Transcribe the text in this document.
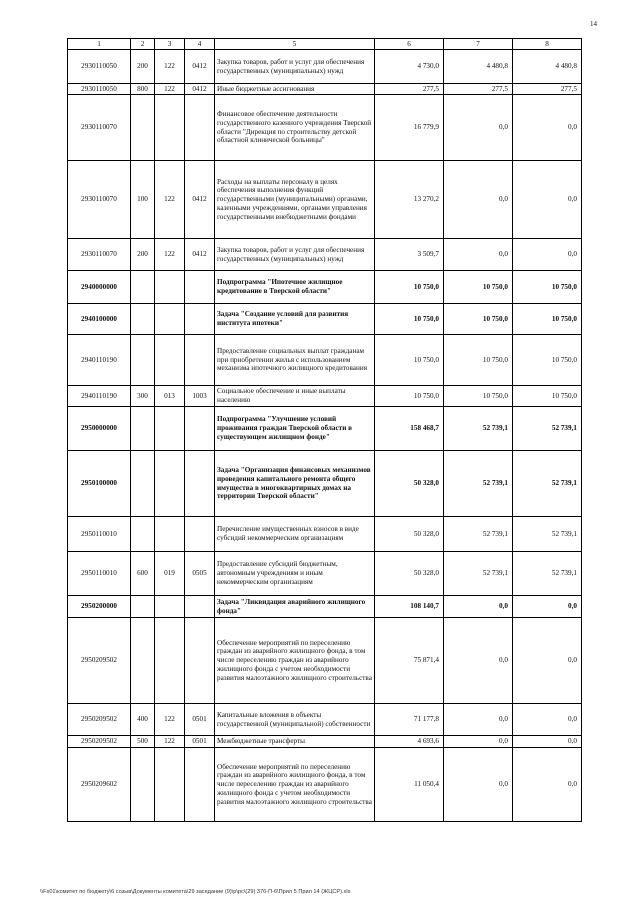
14
1	2	3	4	5	6	7	8
2930110050	200	122	0412	Закупка товаров, работ и услуг для обеспечения государственных (муниципальных) нужд	4 730,0	4 480,8	4 480,8
2930110050	800	122	0412	Иные бюджетные ассигнования	277,5	277,5	277,5
2930110070				Финансовое обеспечение деятельности государственного казенного учреждения Тверской области "Дирекция по строительству детской областной клинической больницы"	16 779,9	0,0	0,0
2930110070	100	122	0412	Расходы на выплаты персоналу в целях обеспечения выполнения функций государственными (муниципальными) органами, казенными учреждениями, органами управления государственными внебюджетными фондами	13 270,2	0,0	0,0
2930110070	200	122	0412	Закупка товаров, работ и услуг для обеспечения государственных (муниципальных) нужд	3 509,7	0,0	0,0
2940000000				Подпрограмма "Ипотечное жилищное кредитование в Тверской области"	10 750,0	10 750,0	10 750,0
2940100000				Задача "Создание условий для развития института ипотеки"	10 750,0	10 750,0	10 750,0
2940110190				Предоставление социальных выплат гражданам при приобретении жилья с использованием механизма ипотечного жилищного кредитования	10 750,0	10 750,0	10 750,0
2940110190	300	013	1003	Социальное обеспечение и иные выплаты населению	10 750,0	10 750,0	10 750,0
2950000000				Подпрограмма "Улучшение условий проживания граждан Тверской области в существующем жилищном фонде"	158 468,7	52 739,1	52 739,1
2950100000				Задача "Организация финансовых механизмов проведения капитального ремонта общего имущества в многоквартирных домах на территории Тверской области"	50 328,0	52 739,1	52 739,1
2950110010				Перечисление имущественных взносов в виде субсидий некоммерческим организациям	50 328,0	52 739,1	52 739,1
2950110010	600	019	0505	Предоставление субсидий бюджетным, автономным учреждениям и иным некоммерческим организациям	50 328,0	52 739,1	52 739,1
2950200000				Задача "Ликвидация аварийного жилищного фонда"	108 140,7	0,0	0,0
2950209502				Обеспечение мероприятий по переселению граждан из аварийного жилищного фонда, в том числе переселению граждан из аварийного жилищного фонда с учетом необходимости развития малоэтажного жилищного строительства	75 871,4	0,0	0,0
2950209502	400	122	0501	Капитальные вложения в объекты государственной (муниципальной) собственности	71 177,8	0,0	0,0
2950209502	500	122	0501	Межбюджетные трансферты	4 693,6	0,0	0,0
2950209602				Обеспечение мероприятий по переселению граждан из аварийного жилищного фонда, в том числе переселению граждан из аварийного жилищного фонда с учетом необходимости развития малоэтажного жилищного строительства	11 050,4	0,0	0,0
\\Fs01\комитет по бюджету\6 созыв\Документы комитета\29 заседание (9)\р\рс\(29) 376-П-6\Прил 5 Прил 14 (ЖЦСР).xls
